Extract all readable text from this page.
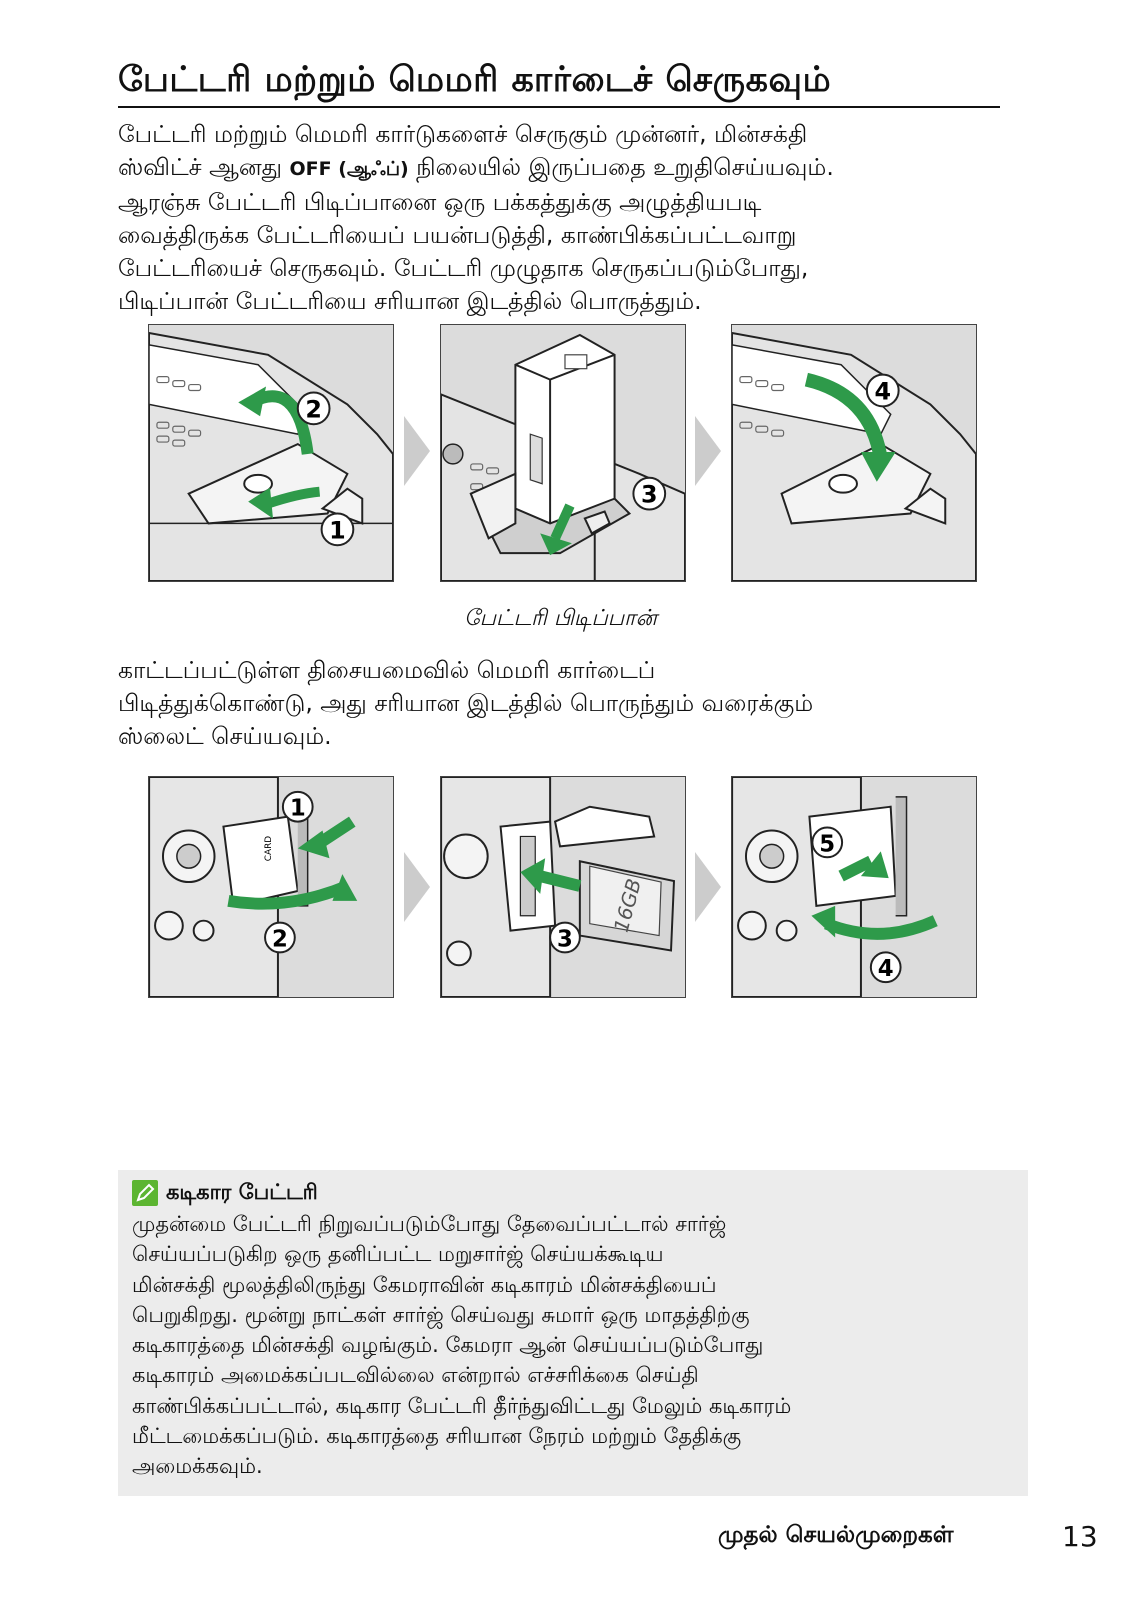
பேட்டரி மற்றும் மெமரி கார்டைச் செருகவும்
பேட்டரி மற்றும் மெமரி கார்டுகளைச் செருகும் முன்னர், மின்சக்தி
ஸ்விட்ச் ஆனது OFF (ஆஃப்) நிலையில் இருப்பதை உறுதிசெய்யவும்.
ஆரஞ்சு பேட்டரி பிடிப்பானை ஒரு பக்கத்துக்கு அழுத்தியபடி
வைத்திருக்க பேட்டரியைப் பயன்படுத்தி, காண்பிக்கப்பட்டவாறு
பேட்டரியைச் செருகவும். பேட்டரி முழுதாக செருகப்படும்போது,
பிடிப்பான் பேட்டரியை சரியான இடத்தில் பொருத்தும்.
2
1
3
4

பேட்டரி பிடிப்பான்

காட்டப்பட்டுள்ள திசையமைவில் மெமரி கார்டைப்
பிடித்துக்கொண்டு, அது சரியான இடத்தில் பொருந்தும் வரைக்கும்
ஸ்லைட் செய்யவும்.
CARD
1
2
16GB
3
5
4
கடிகார பேட்டரி
முதன்மை பேட்டரி நிறுவப்படும்போது தேவைப்பட்டால் சார்ஜ்
செய்யப்படுகிற ஒரு தனிப்பட்ட மறுசார்ஜ் செய்யக்கூடிய
மின்சக்தி மூலத்திலிருந்து கேமராவின் கடிகாரம் மின்சக்தியைப்
பெறுகிறது. மூன்று நாட்கள் சார்ஜ் செய்வது சுமார் ஒரு மாதத்திற்கு
கடிகாரத்தை மின்சக்தி வழங்கும். கேமரா ஆன் செய்யப்படும்போது
கடிகாரம் அமைக்கப்படவில்லை என்றால் எச்சரிக்கை செய்தி
காண்பிக்கப்பட்டால், கடிகார பேட்டரி தீர்ந்துவிட்டது மேலும் கடிகாரம்
மீட்டமைக்கப்படும். கடிகாரத்தை சரியான நேரம் மற்றும் தேதிக்கு
அமைக்கவும்.
முதல் செயல்முறைகள்	13
